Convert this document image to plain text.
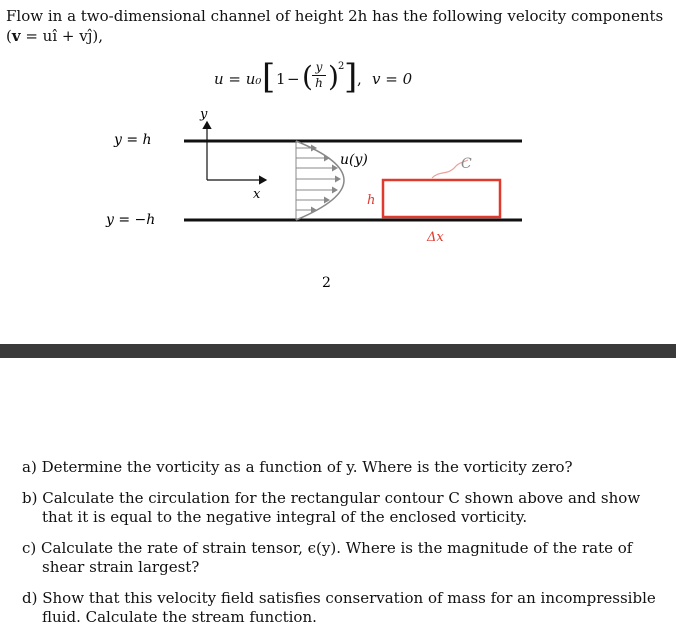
Flow in a two-dimensional channel of height 2h has the following velocity components (v = uî + vĵ),

u = u₀ [ 1 − ( y
h ) 2 ] , v = 0
y = h
y = −h
y
x
u(y)	C
h
Δx
2
a) Determine the vorticity as a function of y. Where is the vorticity zero?
b) Calculate the circulation for the rectangular contour C shown above and show that it is equal to the negative integral of the enclosed vorticity.
c) Calculate the rate of strain tensor, ϵ(y). Where is the magnitude of the rate of shear strain largest?
d) Show that this velocity field satisfies conservation of mass for an incompressible fluid. Calculate the stream function.
